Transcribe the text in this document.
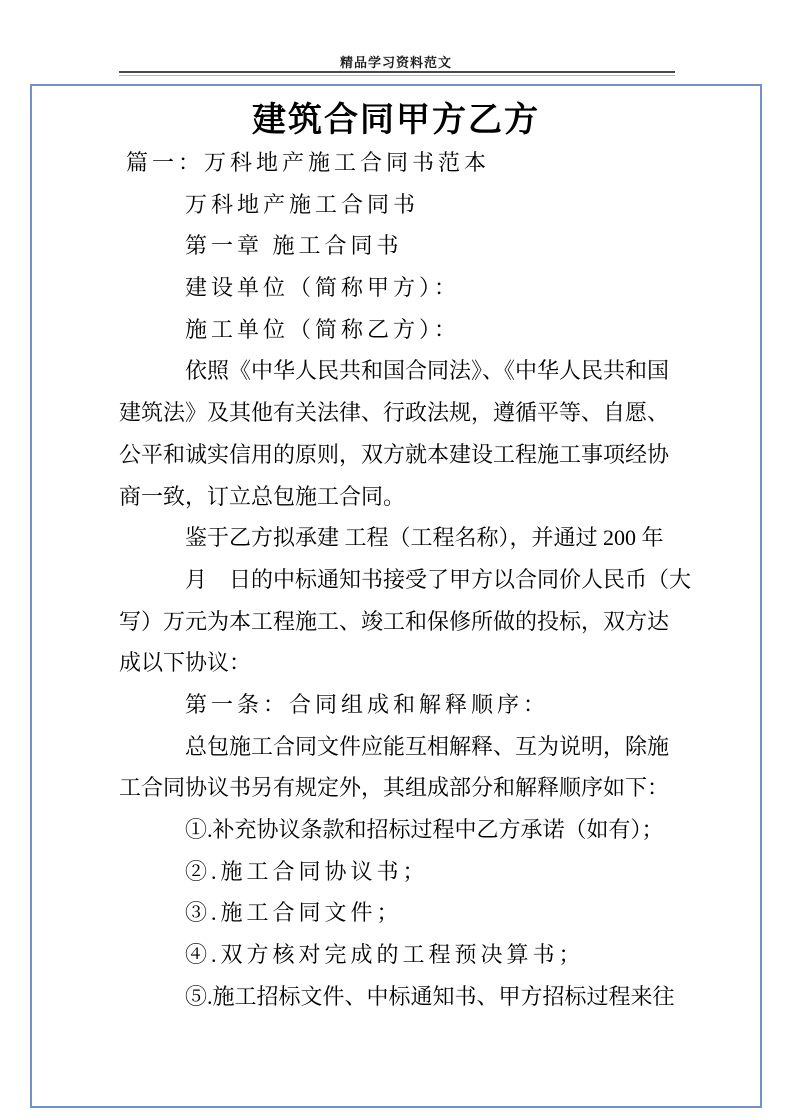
精品学习资料范文
建筑合同甲方乙方
篇一：万科地产施工合同书范本
万科地产施工合同书
第一章 施工合同书
建设单位（简称甲方）：
施工单位（简称乙方）：
依照《中华人民共和国合同法》、《中华人民共和国
建筑法》及其他有关法律、行政法规，遵循平等、自愿、
公平和诚实信用的原则，双方就本建设工程施工事项经协
商一致，订立总包施工合同。
鉴于乙方拟承建 工程（工程名称），并通过 200 年
月　日的中标通知书接受了甲方以合同价人民币（大
写）万元为本工程施工、竣工和保修所做的投标，双方达
成以下协议：
第一条：合同组成和解释顺序：
总包施工合同文件应能互相解释、互为说明，除施
工合同协议书另有规定外，其组成部分和解释顺序如下：
①.补充协议条款和招标过程中乙方承诺（如有）；
②.施工合同协议书；
③.施工合同文件；
④.双方核对完成的工程预决算书；
⑤.施工招标文件、中标通知书、甲方招标过程来往
